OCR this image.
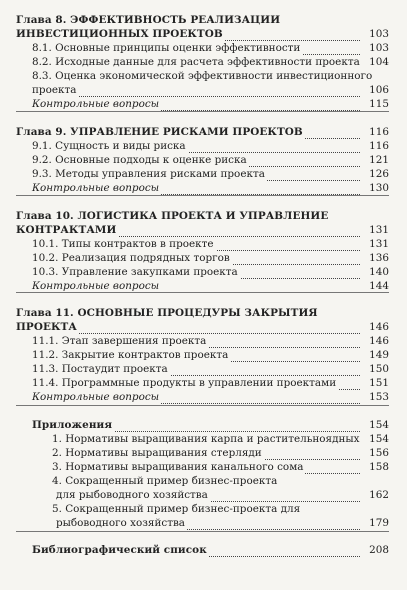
Глава 8. ЭФФЕКТИВНОСТЬ РЕАЛИЗАЦИИ
ИНВЕСТИЦИОННЫХ ПРОЕКТОВ	103
8.1. Основные принципы оценки эффективности	103
8.2. Исходные данные для расчета эффективности проекта 104
8.3. Оценка экономической эффективности инвестиционного
проекта	106
Контрольные вопросы	115
Глава 9. УПРАВЛЕНИЕ РИСКАМИ ПРОЕКТОВ	116
9.1. Сущность и виды риска	116
9.2. Основные подходы к оценке риска	121
9.3. Методы управления рисками проекта	126
Контрольные вопросы	130
Глава 10. ЛОГИСТИКА ПРОЕКТА И УПРАВЛЕНИЕ
КОНТРАКТАМИ	131
10.1. Типы контрактов в проекте	131
10.2. Реализация подрядных торгов	136
10.3. Управление закупками проекта	140
Контрольные вопросы	144
Глава 11. ОСНОВНЫЕ ПРОЦЕДУРЫ ЗАКРЫТИЯ
ПРОЕКТА	146
11.1. Этап завершения проекта	146
11.2. Закрытие контрактов проекта	149
11.3. Постаудит проекта	150
11.4. Программные продукты в управлении проектами	151
Контрольные вопросы	153
Приложения	154
1. Нормативы выращивания карпа и растительноядных 154
2. Нормативы выращивания стерляди	156
3. Нормативы выращивания канального сома	158
4. Сокращенный пример бизнес-проекта
для рыбоводного хозяйства	162
5. Сокращенный пример бизнес-проекта для
рыбоводного хозяйства	179
Библиографический список	208
